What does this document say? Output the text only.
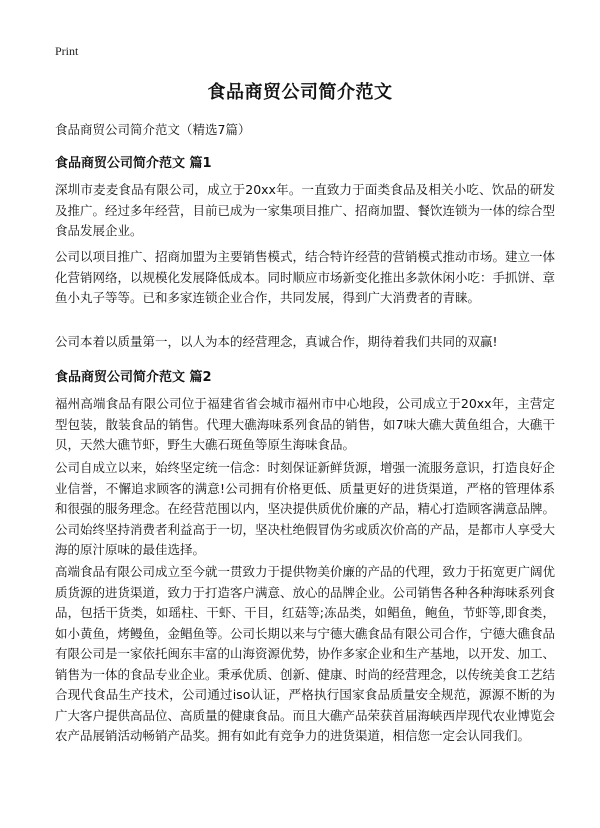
Print
食品商贸公司简介范文

食品商贸公司简介范文（精选7篇）

食品商贸公司简介范文 篇1

深圳市麦麦食品有限公司，成立于20xx年。一直致力于面类食品及相关小吃、饮品的研发及推广。经过多年经营，目前已成为一家集项目推广、招商加盟、餐饮连锁为一体的综合型食品发展企业。

公司以项目推广、招商加盟为主要销售模式，结合特许经营的营销模式推动市场。建立一体化营销网络，以规模化发展降低成本。同时顺应市场新变化推出多款休闲小吃：手抓饼、章鱼小丸子等等。已和多家连锁企业合作，共同发展，得到广大消费者的青睐。

公司本着以质量第一，以人为本的经营理念，真诚合作，期待着我们共同的双赢!

食品商贸公司简介范文 篇2

福州高端食品有限公司位于福建省省会城市福州市中心地段，公司成立于20xx年，主营定型包装，散装食品的销售。代理大礁海味系列食品的销售，如7味大礁大黄鱼组合，大礁干贝，天然大礁节虾，野生大礁石斑鱼等原生海味食品。

公司自成立以来，始终坚定统一信念：时刻保证新鲜货源，增强一流服务意识，打造良好企业信誉，不懈追求顾客的满意!公司拥有价格更低、质量更好的进货渠道，严格的管理体系和很强的服务理念。在经营范围以内，坚决提供质优价廉的产品，精心打造顾客满意品牌。公司始终坚持消费者利益高于一切，坚决杜绝假冒伪劣或质次价高的产品，是都市人享受大海的原汁原味的最佳选择。

高端食品有限公司成立至今就一贯致力于提供物美价廉的产品的代理，致力于拓宽更广阔优质货源的进货渠道，致力于打造客户满意、放心的品牌企业。公司销售各种各种海味系列食品，包括干货类，如瑶柱、干虾、干目，红菇等;冻品类，如鲳鱼，鲍鱼，节虾等,即食类，如小黄鱼，烤鳗鱼，金鲳鱼等。公司长期以来与宁德大礁食品有限公司合作，宁德大礁食品有限公司是一家依托闽东丰富的山海资源优势，协作多家企业和生产基地，以开发、加工、销售为一体的食品专业企业。秉承优质、创新、健康、时尚的经营理念，以传统美食工艺结合现代食品生产技术，公司通过iso认证，严格执行国家食品质量安全规范，源源不断的为广大客户提供高品位、高质量的健康食品。而且大礁产品荣获首届海峡西岸现代农业博览会农产品展销活动畅销产品奖。拥有如此有竞争力的进货渠道，相信您一定会认同我们。
